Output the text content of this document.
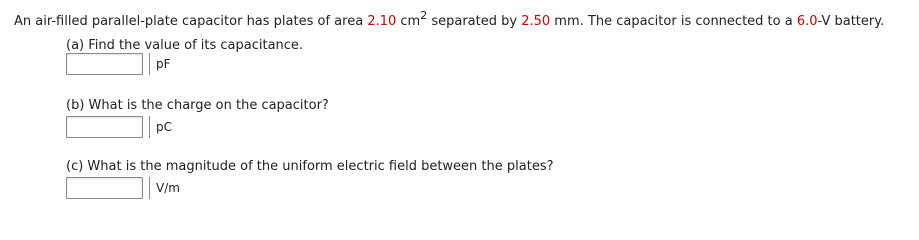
An air-filled parallel-plate capacitor has plates of area 2.10 $cm^2$ separated by 2.50 mm. The capacitor is connected to a 6.0-V battery.
(a) Find the value of its capacitance.
pF
(b) What is the charge on the capacitor?
pC
(c) What is the magnitude of the uniform electric field between the plates?
V/m
